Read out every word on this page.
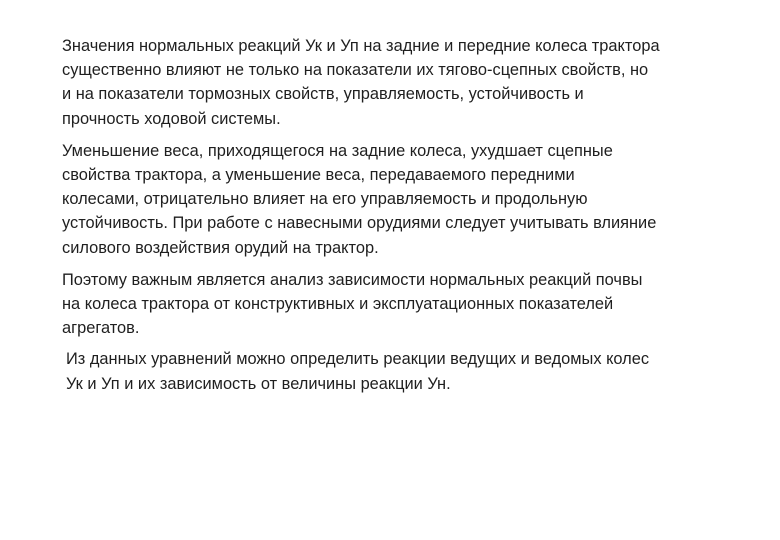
Значения нормальных реакций Ук и Уп на задние и передние колеса трактора
существенно влияют не только на показатели их тягово-сцепных свойств, но
и на показатели тормозных свойств, управляемость, устойчивость и
прочность ходовой системы.

Уменьшение веса, приходящегося на задние колеса, ухудшает сцепные
свойства трактора, а уменьшение веса, передаваемого передними
колесами, отрицательно влияет на его управляемость и продольную
устойчивость. При работе с навесными орудиями следует учитывать влияние
силового воздействия орудий на трактор.

Поэтому важным является анализ зависимости нормальных реакций почвы
на колеса трактора от конструктивных и эксплуатационных показателей
агрегатов.

Из данных уравнений можно определить реакции ведущих и ведомых колес
Ук и Уп и их зависимость от величины реакции Ун.
